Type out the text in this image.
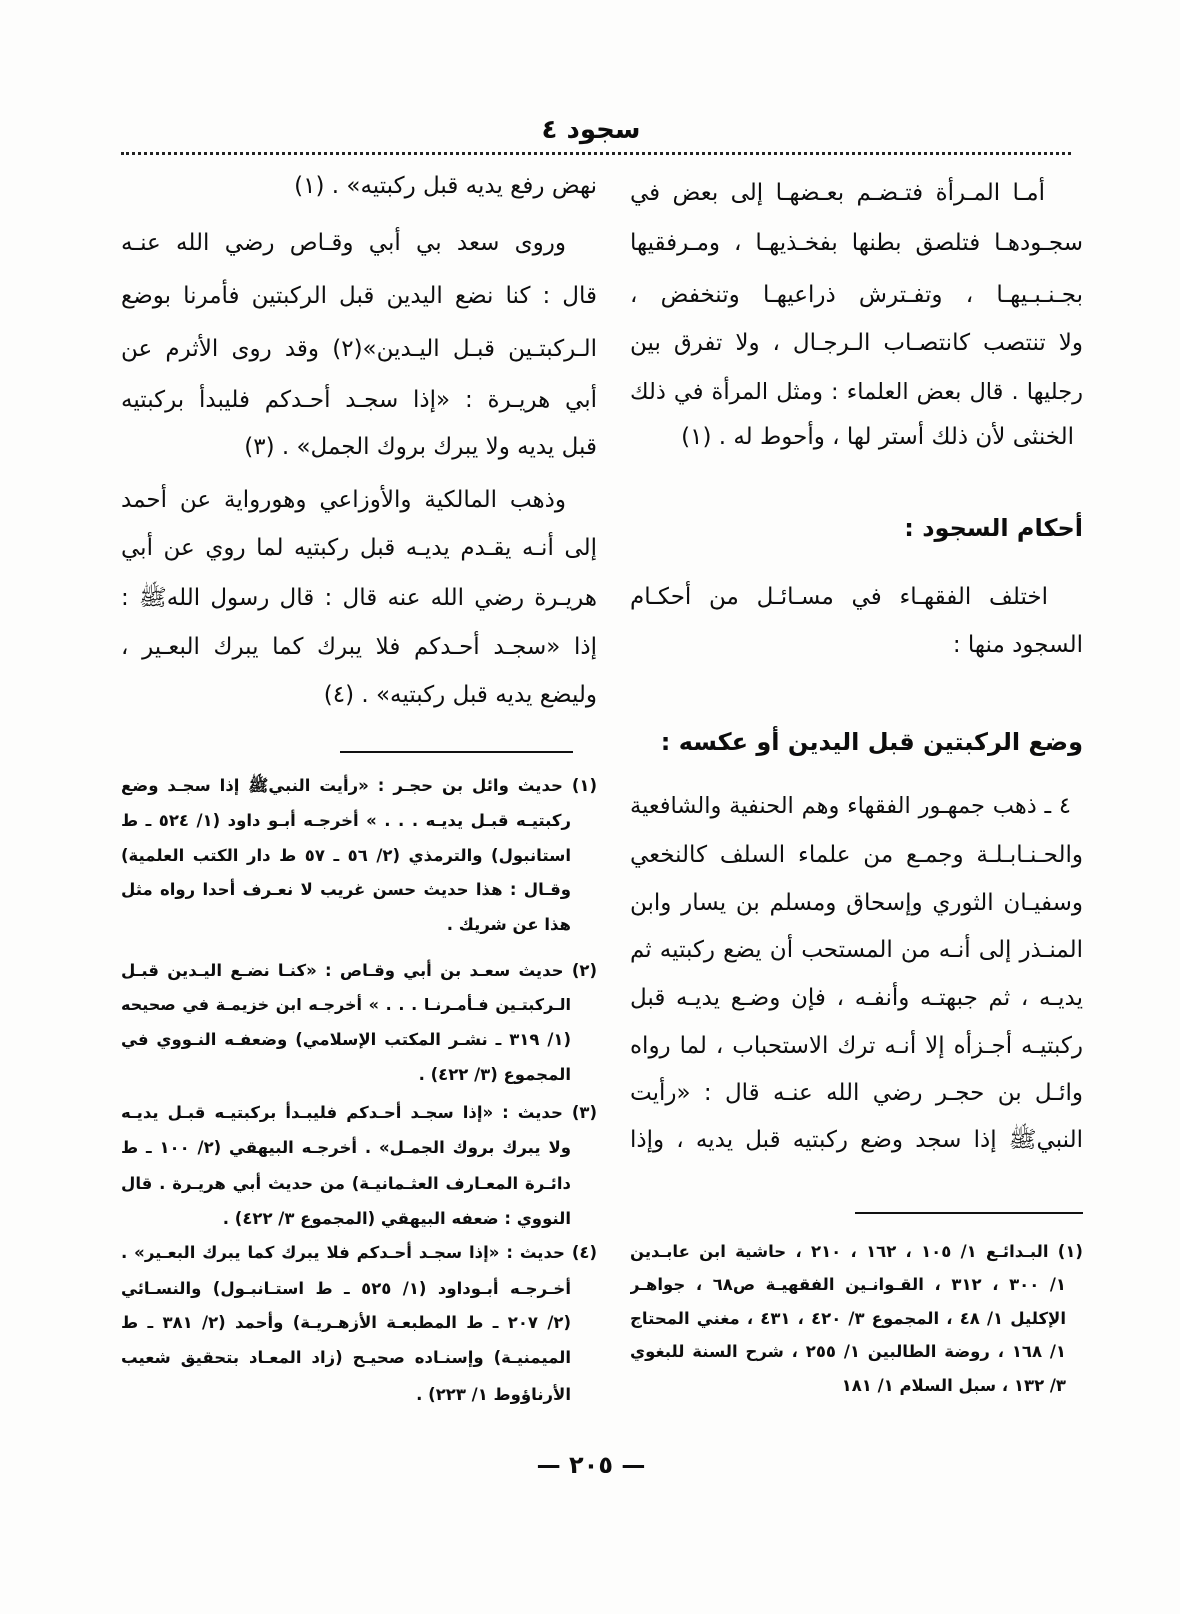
سجود ٤
أمـا المـرأة فتـضـم بعـضهـا إلى بعض في
سجـودهـا فتلصق بطنها بفخـذيهـا ، ومـرفقيها
بجـنـبـيهـا ، وتفـترش ذراعيهـا وتنخفض ،
ولا تنتصب كانتصـاب الـرجـال ، ولا تفرق بين
رجليها . قال بعض العلماء : ومثل المرأة في ذلك
الخنثى لأن ذلك أستر لها ، وأحوط له . (١)
أحكام السجود :
اختلف الفقهـاء في مسـائـل من أحكـام
السجود منها :
وضع الركبتين قبل اليدين أو عكسه :
٤ ـ ذهب جمهـور الفقهاء وهم الحنفية والشافعية
والحـنـابـلـة وجمـع من علماء السلف كالنخعي
وسفيـان الثوري وإسحاق ومسلم بن يسار وابن
المنـذر إلى أنـه من المستحب أن يضع ركبتيه ثم
يديـه ، ثم جبهتـه وأنفـه ، فإن وضـع يديـه قبل
ركبتيـه أجـزأه إلا أنـه ترك الاستحباب ، لما رواه
وائـل بن حجـر رضي الله عنـه قال : «رأيت
النبيﷺ إذا سجد وضع ركبتيه قبل يديه ، وإذا
(١) البـدائـع ١/ ١٠٥ ، ١٦٢ ، ٢١٠ ، حاشية ابن عابـدين
١/ ٣٠٠ ، ٣١٢ ، القـوانـين الفقهيـة ص٦٨ ، جواهـر
الإكليل ١/ ٤٨ ، المجموع ٣/ ٤٢٠ ، ٤٣١ ، مغني المحتاج
١/ ١٦٨ ، روضة الطالبين ١/ ٢٥٥ ، شرح السنة للبغوي
٣/ ١٣٢ ، سبل السلام ١/ ١٨١
نهض رفع يديه قبل ركبتيه» . (١)
وروى سعد بي أبي وقـاص رضي الله عنـه
قال : كنا نضع اليدين قبل الركبتين فأمرنا بوضع
الـركبتـين قبـل اليـدين»(٢) وقد روى الأثرم عن
أبي هريـرة : «إذا سجـد أحـدكم فليبدأ بركبتيه
قبل يديه ولا يبرك بروك الجمل» . (٣)
وذهب المالكية والأوزاعي وهورواية عن أحمد
إلى أنـه يقـدم يديـه قبل ركبتيه لما روي عن أبي
هريـرة رضي الله عنه قال : قال رسول اللهﷺ :
إذا «سجـد أحـدكم فلا يبرك كما يبرك البعـير ،
وليضع يديه قبل ركبتيه» . (٤)
(١) حديث وائل بن حجـر : «رأيت النبيﷺ إذا سجـد وضع
ركبتيـه قبـل يديـه . . . » أخرجـه أبـو داود (١/ ٥٢٤ ـ ط
استانبول) والترمذي (٢/ ٥٦ ـ ٥٧ ط دار الكتب العلمية)
وقـال : هذا حديث حسن غريب لا نعـرف أحدا رواه مثل
هذا عن شريك .
(٢) حديث سعـد بن أبي وقـاص : «كنـا نضـع اليـدين قبـل
الـركبتـين فـأمـرنـا . . . » أخرجـه ابن خزيمـة في صحيحه
(١/ ٣١٩ ـ نشـر المكتب الإسلامي) وضعفـه النـووي في
المجموع (٣/ ٤٢٢) .
(٣) حديث : «إذا سجـد أحـدكم فليبـدأ بركبتيـه قبـل يديـه
ولا يبرك بروك الجمـل» . أخرجـه البيهقي (٢/ ١٠٠ ـ ط
دائـرة المعـارف العثـمانيـة) من حديث أبي هريـرة . قال
النووي : ضعفه البيهقي (المجموع ٣/ ٤٢٢) .
(٤) حديث : «إذا سجـد أحـدكم فلا يبرك كما يبرك البعـير» .
أخـرجـه أبـوداود (١/ ٥٢٥ ـ ط استـانبـول) والنسـائي
(٢/ ٢٠٧ ـ ط المطبعـة الأزهـريـة) وأحمد (٢/ ٣٨١ ـ ط
الميمنيـة) وإسنـاده صحيـح (زاد المعـاد بتحقيق شعيب
الأرناؤوط ١/ ٢٢٣) .
— ٢٠٥ —
